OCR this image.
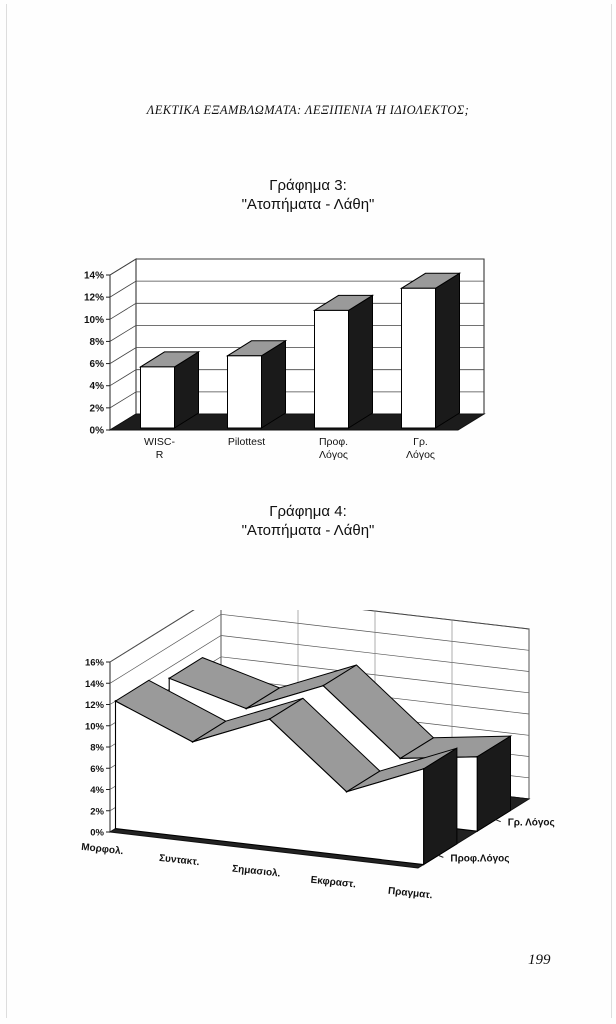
ΛΕΚΤΙΚΑ ΕΞΑΜΒΛΩΜΑΤΑ: ΛΕΞΙΠΕΝΙΑ Ή ΙΔΙΟΛΕΚΤΟΣ;
Γράφημα 3:
"Ατοπήματα - Λάθη"
0%
2%
4%
6%
8%
10%
12%
14%
WISC-
R
Pilottest	Προφ.
Λόγος
Γρ.
Λόγος
Γράφημα 4:
"Ατοπήματα - Λάθη"
0%
2%
4%
6%
8%
10%
12%
14%
16%
Μορφολ.
Συντακτ.
Σημασιολ.
Εκφραστ.
Πραγματ.
Προφ.Λόγος
Γρ. Λόγος
199
